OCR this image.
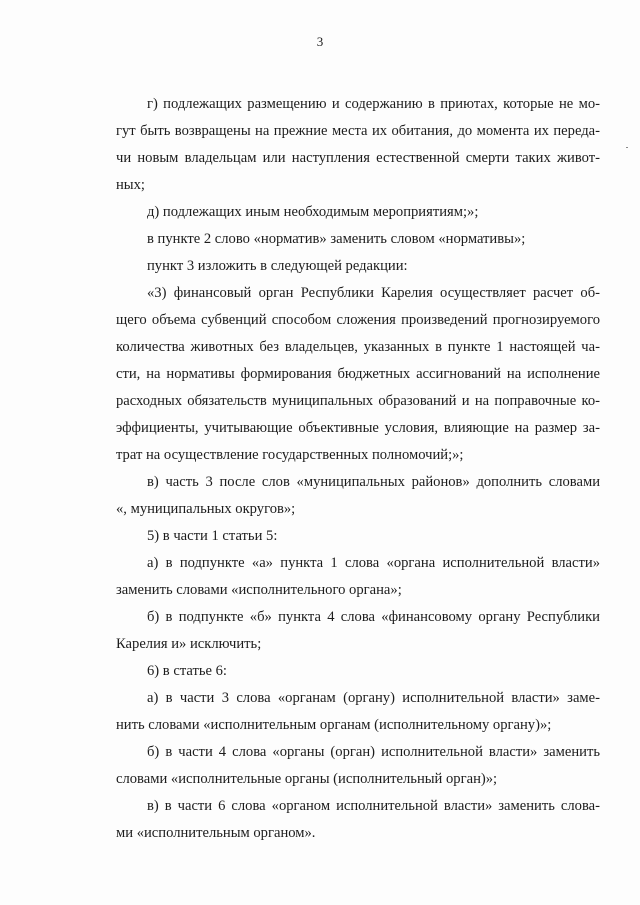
3
г) подлежащих размещению и содержанию в приютах, которые не мо-
гут быть возвращены на прежние места их обитания, до момента их переда-
чи новым владельцам или наступления естественной смерти таких живот-
ных;
д) подлежащих иным необходимым мероприятиям;»;
в пункте 2 слово «норматив» заменить словом «нормативы»;
пункт 3 изложить в следующей редакции:
«3) финансовый орган Республики Карелия осуществляет расчет об-
щего объема субвенций способом сложения произведений прогнозируемого
количества животных без владельцев, указанных в пункте 1 настоящей ча-
сти, на нормативы формирования бюджетных ассигнований на исполнение
расходных обязательств муниципальных образований и на поправочные ко-
эффициенты, учитывающие объективные условия, влияющие на размер за-
трат на осуществление государственных полномочий;»;
в) часть 3 после слов «муниципальных районов» дополнить словами
«, муниципальных округов»;
5) в части 1 статьи 5:
а) в подпункте «а» пункта 1 слова «органа исполнительной власти»
заменить словами «исполнительного органа»;
б) в подпункте «б» пункта 4 слова «финансовому органу Республики
Карелия и» исключить;
6) в статье 6:
а) в части 3 слова «органам (органу) исполнительной власти» заме-
нить словами «исполнительным органам (исполнительному органу)»;
б) в части 4 слова «органы (орган) исполнительной власти» заменить
словами «исполнительные органы (исполнительный орган)»;
в) в части 6 слова «органом исполнительной власти» заменить слова-
ми «исполнительным органом».
